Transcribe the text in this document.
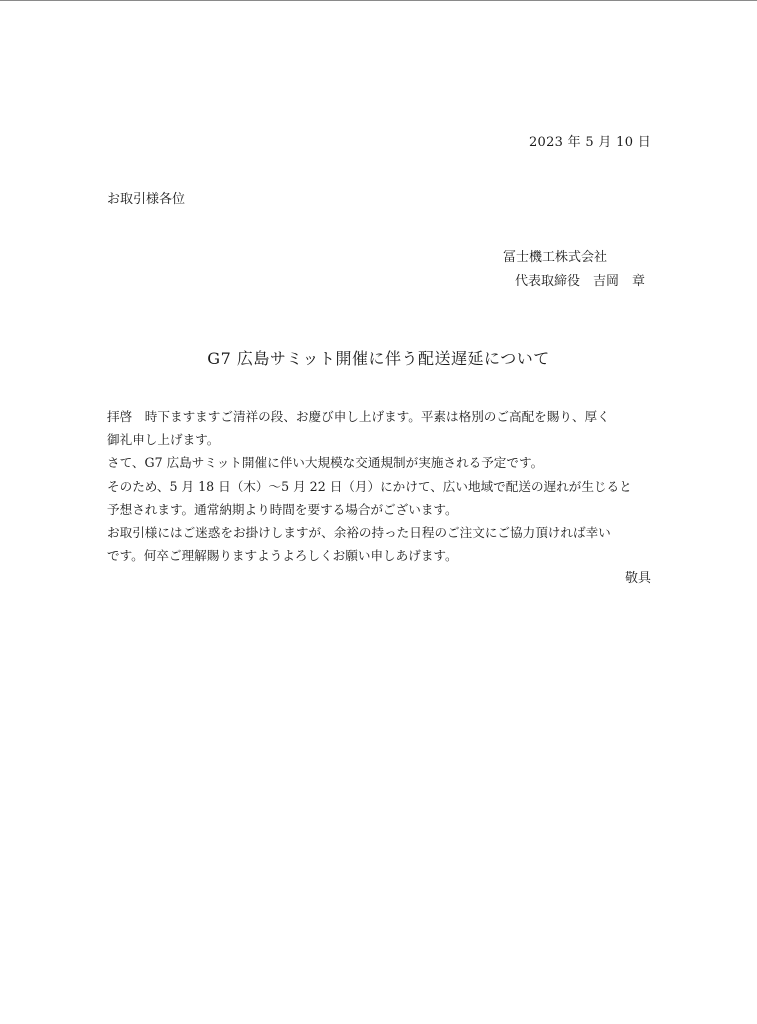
2023 年 5 月 10 日
お取引様各位
冨士機工株式会社
代表取締役　吉岡　章
G7 広島サミット開催に伴う配送遅延について

拝啓　時下ますますご清祥の段、お慶び申し上げます。平素は格別のご高配を賜り、厚く

御礼申し上げます。

さて、G7 広島サミット開催に伴い大規模な交通規制が実施される予定です。

そのため、5 月 18 日（木）〜5 月 22 日（月）にかけて、広い地域で配送の遅れが生じると

予想されます。通常納期より時間を要する場合がございます。

お取引様にはご迷惑をお掛けしますが、余裕の持った日程のご注文にご協力頂ければ幸い

です。何卒ご理解賜りますようよろしくお願い申しあげます。

敬具
